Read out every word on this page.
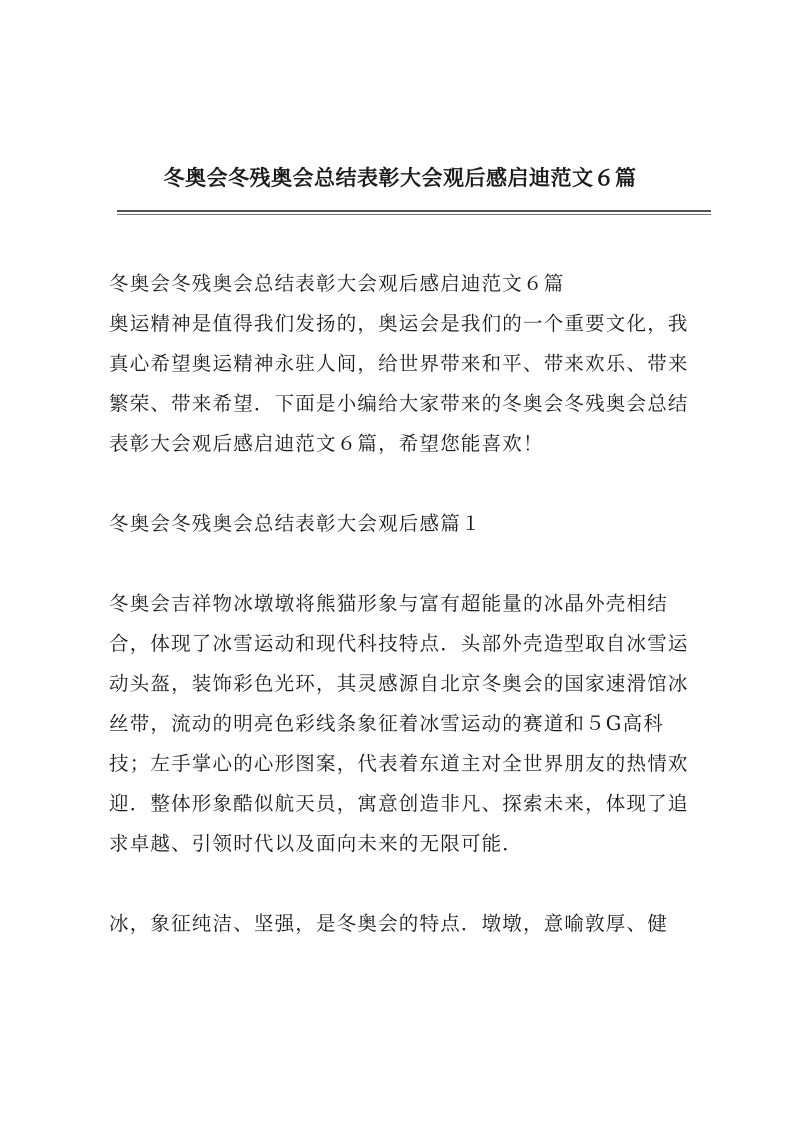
冬奥会冬残奥会总结表彰大会观后感启迪范文６篇
冬奥会冬残奥会总结表彰大会观后感启迪范文６篇
奥运精神是值得我们发扬的，奥运会是我们的一个重要文化，我
真心希望奥运精神永驻人间，给世界带来和平、带来欢乐、带来
繁荣、带来希望．下面是小编给大家带来的冬奥会冬残奥会总结
表彰大会观后感启迪范文６篇，希望您能喜欢！
冬奥会冬残奥会总结表彰大会观后感篇１
冬奥会吉祥物冰墩墩将熊猫形象与富有超能量的冰晶外壳相结
合，体现了冰雪运动和现代科技特点．头部外壳造型取自冰雪运
动头盔，装饰彩色光环，其灵感源自北京冬奥会的国家速滑馆冰
丝带，流动的明亮色彩线条象征着冰雪运动的赛道和５G高科
技；左手掌心的心形图案，代表着东道主对全世界朋友的热情欢
迎．整体形象酷似航天员，寓意创造非凡、探索未来，体现了追
求卓越、引领时代以及面向未来的无限可能．
冰，象征纯洁、坚强，是冬奥会的特点．墩墩，意喻敦厚、健
